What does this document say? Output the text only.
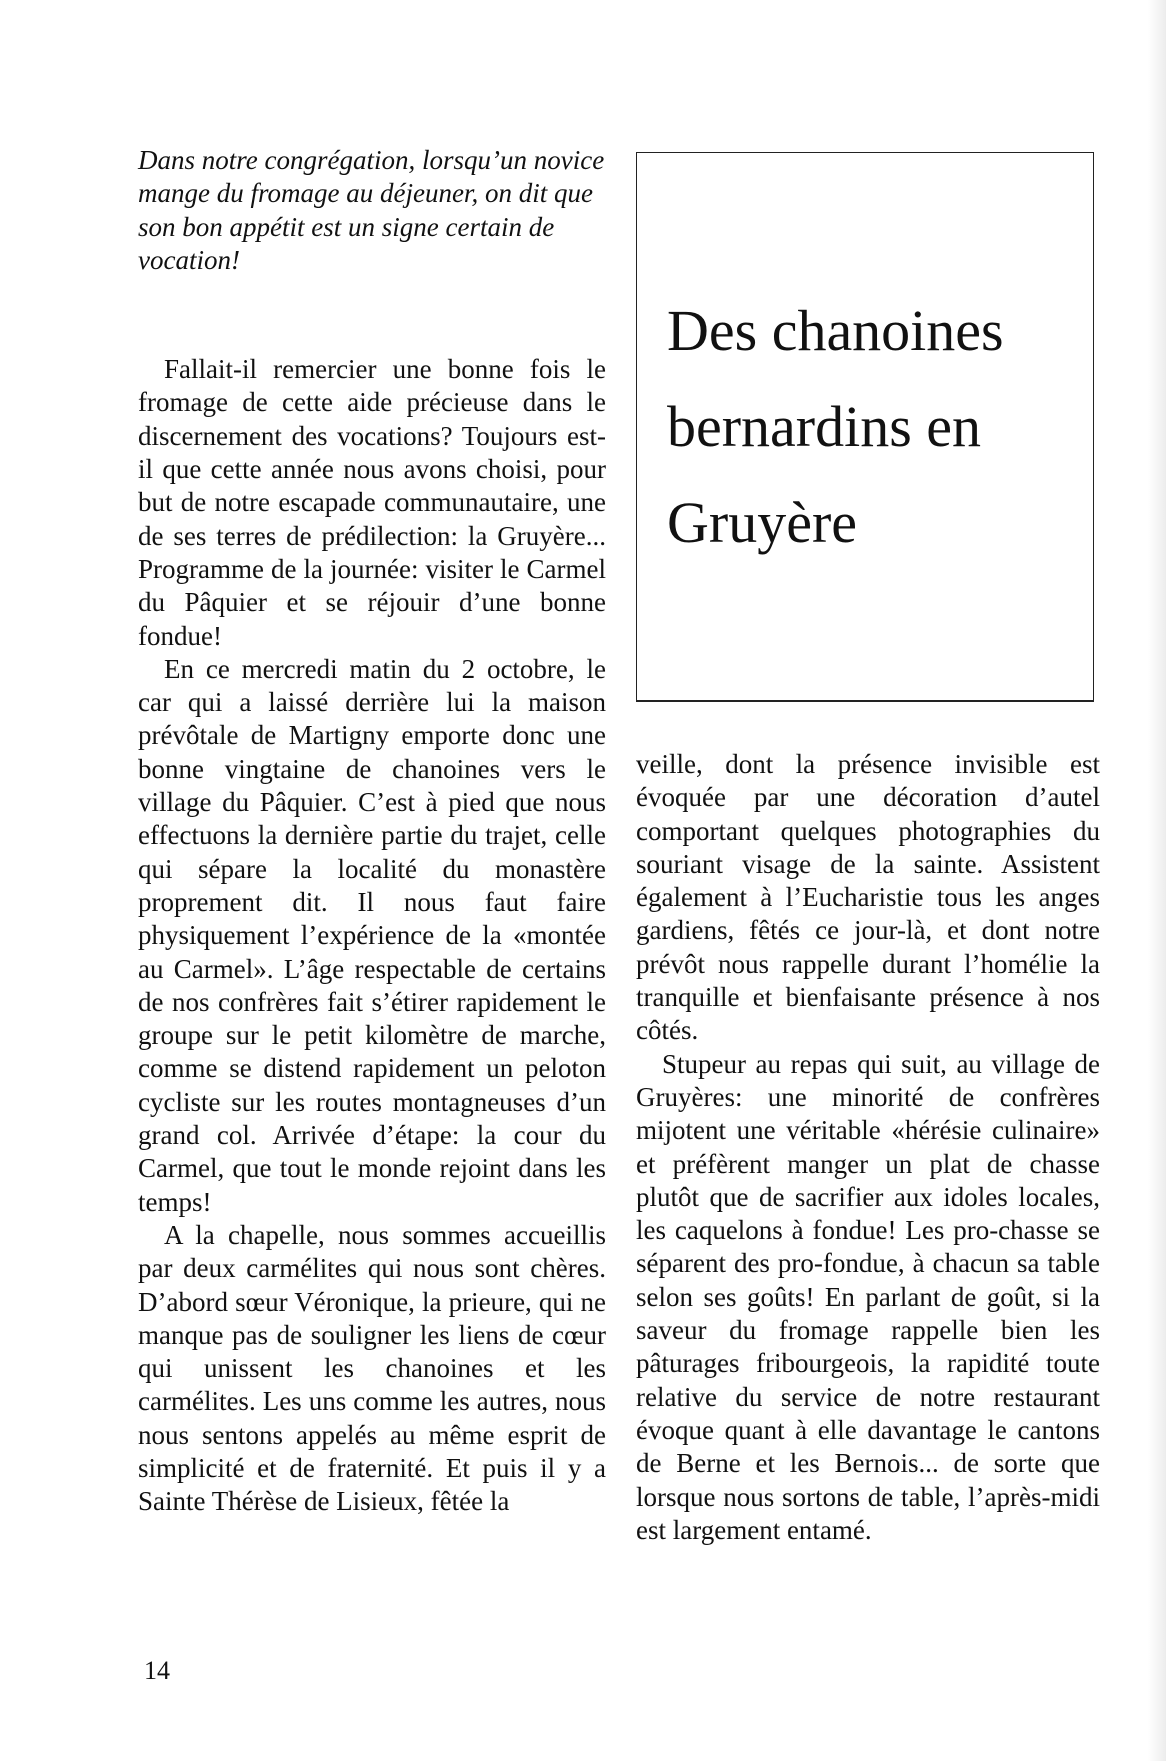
Dans notre congrégation, lorsqu’un novice mange du fromage au déjeuner, on dit que son bon appétit est un signe certain de vocation!

Fallait-il remercier une bonne fois le fromage de cette aide précieuse dans le discernement des vocations? Toujours est-il que cette année nous avons choisi, pour but de notre escapade communautaire, une de ses terres de prédilection: la Gruyère... Programme de la journée: visiter le Carmel du Pâquier et se réjouir d’une bonne fondue!

En ce mercredi matin du 2 octobre, le car qui a laissé derrière lui la maison prévôtale de Martigny emporte donc une bonne vingtaine de chanoines vers le village du Pâquier. C’est à pied que nous effectuons la dernière partie du trajet, celle qui sépare la localité du monastère proprement dit. Il nous faut faire physiquement l’expérience de la «montée au Carmel». L’âge respectable de certains de nos confrères fait s’étirer rapidement le groupe sur le petit kilomètre de marche, comme se distend rapidement un peloton cycliste sur les routes montagneuses d’un grand col. Arrivée d’étape: la cour du Carmel, que tout le monde rejoint dans les temps!

A la chapelle, nous sommes accueillis par deux carmélites qui nous sont chères. D’abord sœur Véronique, la prieure, qui ne manque pas de souligner les liens de cœur qui unissent les chanoines et les carmélites. Les uns comme les autres, nous nous sentons appelés au même esprit de simplicité et de fraternité. Et puis il y a Sainte Thérèse de Lisieux, fêtée la

Des chanoines bernardins en Gruyère

veille, dont la présence invisible est évoquée par une décoration d’autel comportant quelques photographies du souriant visage de la sainte. Assistent également à l’Eucharistie tous les anges gardiens, fêtés ce jour-là, et dont notre prévôt nous rappelle durant l’homélie la tranquille et bienfaisante présence à nos côtés.

Stupeur au repas qui suit, au village de Gruyères: une minorité de confrères mijotent une véritable «hérésie culinaire» et préfèrent manger un plat de chasse plutôt que de sacrifier aux idoles locales, les caquelons à fondue! Les pro-chasse se séparent des pro-fondue, à chacun sa table selon ses goûts! En parlant de goût, si la saveur du fromage rappelle bien les pâturages fribourgeois, la rapidité toute relative du service de notre restaurant évoque quant à elle davantage le cantons de Berne et les Bernois... de sorte que lorsque nous sortons de table, l’après-midi est largement entamé.

14
